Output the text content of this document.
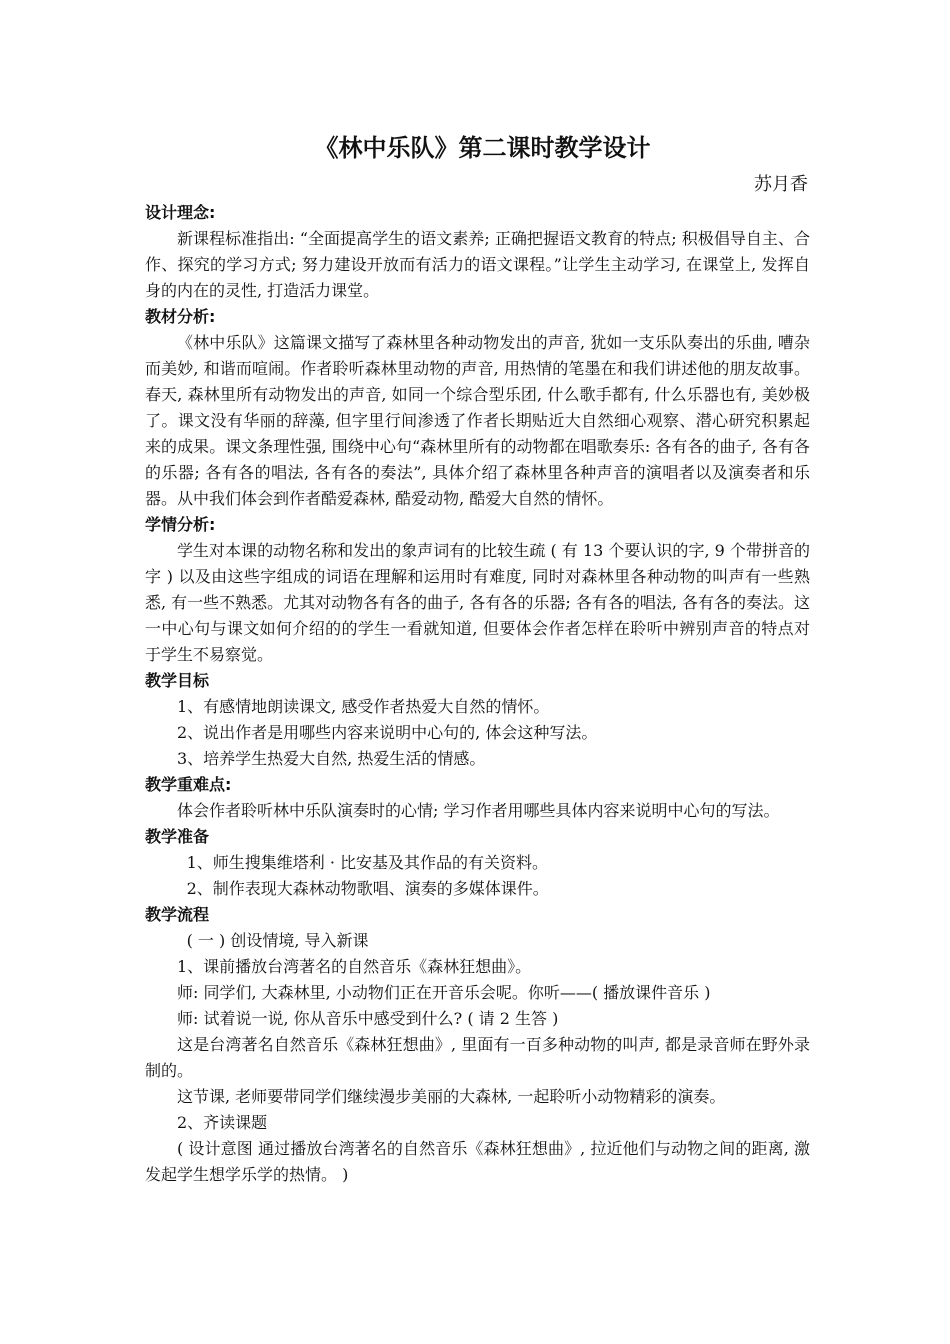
《林中乐队》第二课时教学设计
苏月香
设计理念:

新课程标准指出: “全面提高学生的语文素养; 正确把握语文教育的特点; 积极倡导自主、合作、探究的学习方式; 努力建设开放而有活力的语文课程。”让学生主动学习, 在课堂上, 发挥自身的内在的灵性, 打造活力课堂。

教材分析:

《林中乐队》这篇课文描写了森林里各种动物发出的声音, 犹如一支乐队奏出的乐曲, 嘈杂而美妙, 和谐而喧闹。作者聆听森林里动物的声音, 用热情的笔墨在和我们讲述他的朋友故事。春天, 森林里所有动物发出的声音, 如同一个综合型乐团, 什么歌手都有, 什么乐器也有, 美妙极了。课文没有华丽的辞藻, 但字里行间渗透了作者长期贴近大自然细心观察、潜心研究积累起来的成果。课文条理性强, 围绕中心句“森林里所有的动物都在唱歌奏乐: 各有各的曲子, 各有各的乐器; 各有各的唱法, 各有各的奏法”, 具体介绍了森林里各种声音的演唱者以及演奏者和乐器。从中我们体会到作者酷爱森林, 酷爱动物, 酷爱大自然的情怀。

学情分析:

学生对本课的动物名称和发出的象声词有的比较生疏 ( 有 13 个要认识的字, 9 个带拼音的字 ) 以及由这些字组成的词语在理解和运用时有难度, 同时对森林里各种动物的叫声有一些熟悉, 有一些不熟悉。尤其对动物各有各的曲子, 各有各的乐器; 各有各的唱法, 各有各的奏法。这一中心句与课文如何介绍的的学生一看就知道, 但要体会作者怎样在聆听中辨别声音的特点对于学生不易察觉。

教学目标

1、有感情地朗读课文, 感受作者热爱大自然的情怀。

2、说出作者是用哪些内容来说明中心句的, 体会这种写法。

3、培养学生热爱大自然, 热爱生活的情感。

教学重难点:

体会作者聆听林中乐队演奏时的心情; 学习作者用哪些具体内容来说明中心句的写法。

教学准备

1、师生搜集维塔利 · 比安基及其作品的有关资料。

2、制作表现大森林动物歌唱、演奏的多媒体课件。

教学流程

( 一 ) 创设情境, 导入新课

1、课前播放台湾著名的自然音乐《森林狂想曲》。

师: 同学们, 大森林里, 小动物们正在开音乐会呢。你听——( 播放课件音乐 )

师: 试着说一说, 你从音乐中感受到什么? ( 请 2 生答 )

这是台湾著名自然音乐《森林狂想曲》, 里面有一百多种动物的叫声, 都是录音师在野外录制的。

这节课, 老师要带同学们继续漫步美丽的大森林, 一起聆听小动物精彩的演奏。

2、齐读课题

( 设计意图 通过播放台湾著名的自然音乐《森林狂想曲》, 拉近他们与动物之间的距离, 激发起学生想学乐学的热情。 )
